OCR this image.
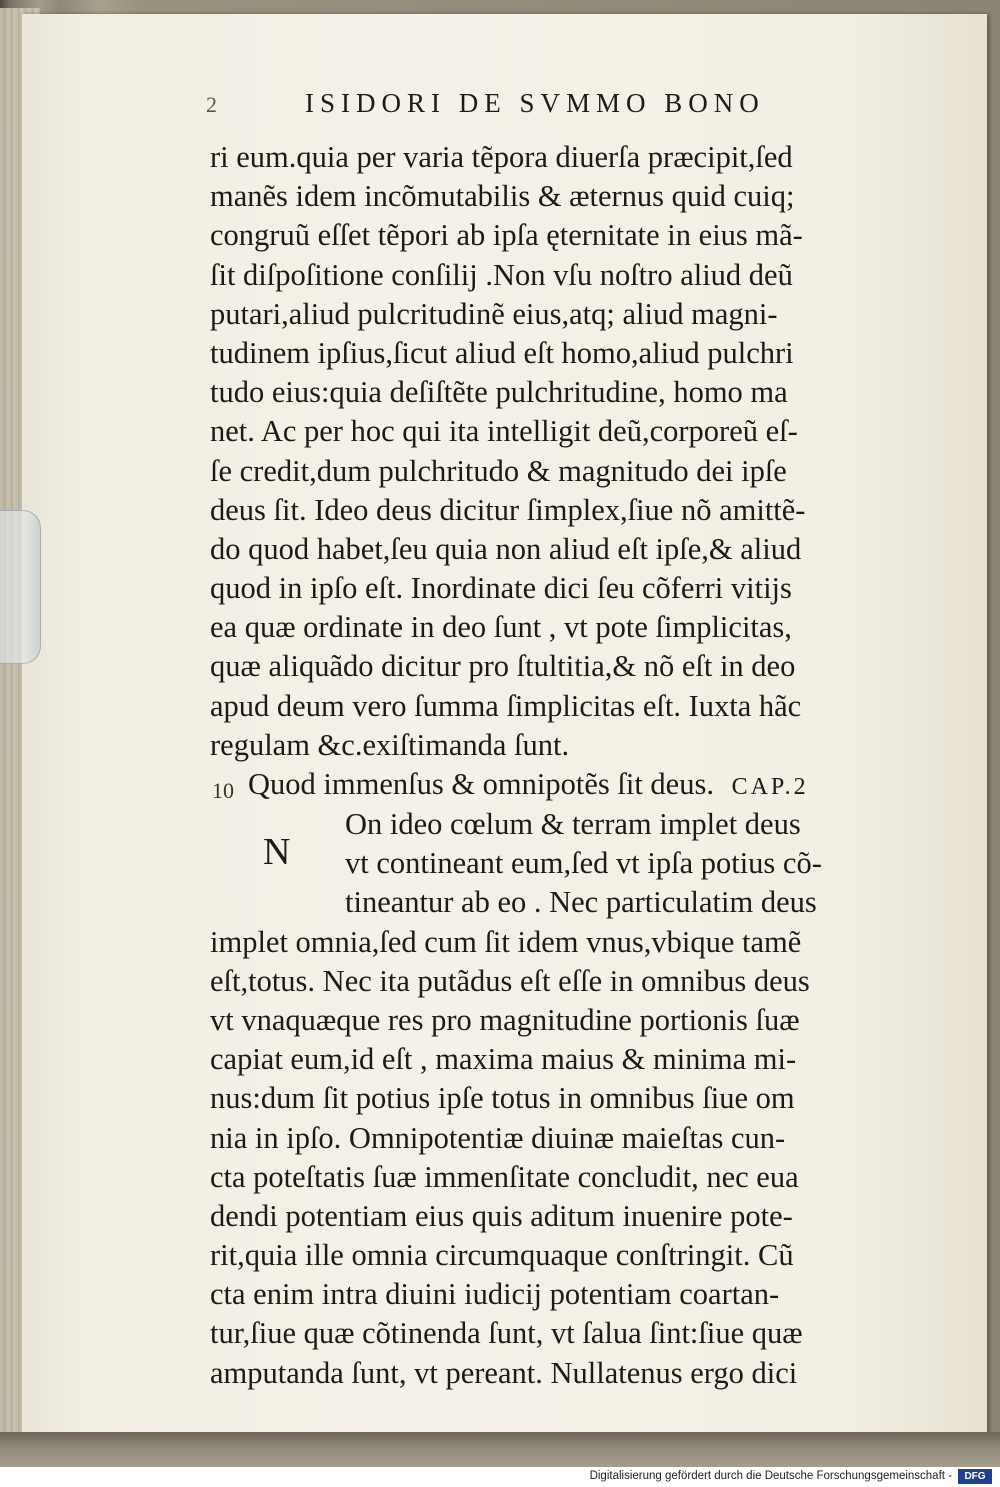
2	ISIDORI DE SVMMO BONO
10
N
ri eum.quia per varia tẽpora diuerſa præcipit,ſed
manẽs idem incõmutabilis & æternus quid cuiq;
congruũ eſſet tẽpori ab ipſa ęternitate in eius mã-
ſit diſpoſitione conſilij .Non vſu noſtro aliud deũ
putari,aliud pulcritudinẽ eius,atq; aliud magni-
tudinem ipſius,ſicut aliud eſt homo,aliud pulchri
tudo eius:quia deſiſtẽte pulchritudine, homo ma
net. Ac per hoc qui ita intelligit deũ,corporeũ eſ-
ſe credit,dum pulchritudo & magnitudo dei ipſe
deus ſit. Ideo deus dicitur ſimplex,ſiue nõ amittẽ-
do quod habet,ſeu quia non aliud eſt ipſe,& aliud
quod in ipſo eſt. Inordinate dici ſeu cõferri vitijs
ea quæ ordinate in deo ſunt , vt pote ſimplicitas,
quæ aliquãdo dicitur pro ſtultitia,& nõ eſt in deo
apud deum vero ſumma ſimplicitas eſt. Iuxta hãc
regulam &c.exiſtimanda ſunt.
Quod immenſus & omnipotẽs ſit deus. CAP.2
On ideo cœlum & terram implet deus
vt contineant eum,ſed vt ipſa potius cõ-
tineantur ab eo . Nec particulatim deus
implet omnia,ſed cum ſit idem vnus,vbique tamẽ
eſt,totus. Nec ita putãdus eſt eſſe in omnibus deus
vt vnaquæque res pro magnitudine portionis ſuæ
capiat eum,id eſt , maxima maius & minima mi-
nus:dum ſit potius ipſe totus in omnibus ſiue om
nia in ipſo. Omnipotentiæ diuinæ maieſtas cun-
cta poteſtatis ſuæ immenſitate concludit, nec eua
dendi potentiam eius quis aditum inuenire pote-
rit,quia ille omnia circumquaque conſtringit. Cũ
cta enim intra diuini iudicij potentiam coartan-
tur,ſiue quæ cõtinenda ſunt, vt ſalua ſint:ſiue quæ
amputanda ſunt, vt pereant. Nullatenus ergo dici
Digitalisierung gefördert durch die Deutsche Forschungsgemeinschaft -	DFG
